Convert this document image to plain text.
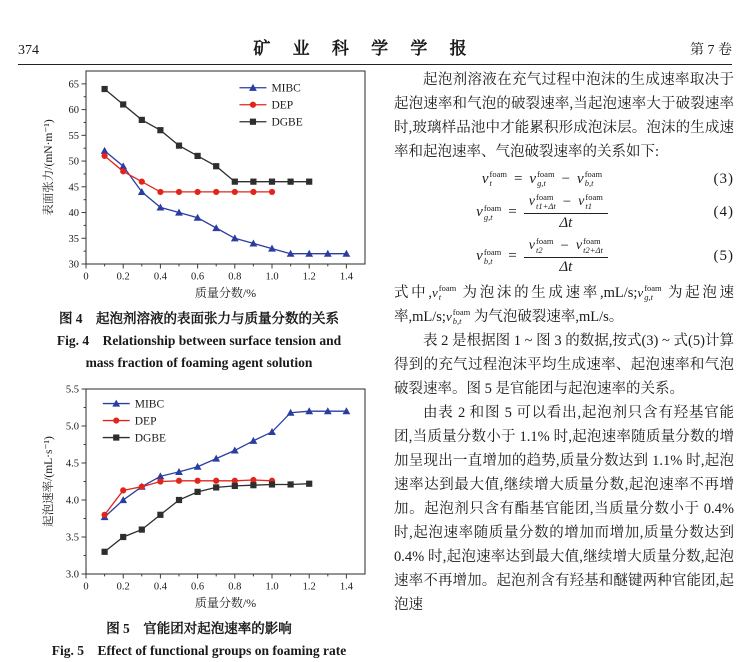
374	矿 业 科 学 学 报	第 7 卷
0	0.2 0.4 0.6 0.8 1.0 1.2 1.4
30
35
40
45
50
55
60
65
质量分数/%
表面张力/(mN·m⁻¹)
MIBC
DEP
DGBE
图 4　起泡剂溶液的表面张力与质量分数的关系
Fig. 4　Relationship between surface tension and
mass fraction of foaming agent solution
0	0.2 0.4 0.6 0.8 1.0 1.2 1.4
3.0
3.5
4.0
4.5
5.0
5.5
质量分数/%
起泡速率/(mL·s⁻¹)
MIBC
DEP
DGBE
图 5　官能团对起泡速率的影响
Fig. 5　Effect of functional groups on foaming rate

起泡剂溶液在充气过程中泡沫的生成速率取决于起泡速率和气泡的破裂速率,当起泡速率大于破裂速率时,玻璃样品池中才能累积形成泡沫层。泡沫的生成速率和起泡速率、气泡破裂速率的关系如下:

v foam
t	= v foam
g,t	− v foam
b,t	(3)
v foam
g,t	= v foam
t1+Δt − v foam
t1
Δt	(4)
v foam
b,t	= v foam
t2	− v foam
t2+Δt
Δt	(5)

式中, v foam
t	为泡沫的生成速率,mL/s; v foam
g,t 为起泡速率,mL/s; v foam
b,t 为气泡破裂速率,mL/s。

表 2 是根据图 1 ~ 图 3 的数据,按式(3) ~ 式(5)计算得到的充气过程泡沫平均生成速率、起泡速率和气泡破裂速率。图 5 是官能团与起泡速率的关系。

由表 2 和图 5 可以看出,起泡剂只含有羟基官能团,当质量分数小于 1.1% 时,起泡速率随质量分数的增加呈现出一直增加的趋势,质量分数达到 1.1% 时,起泡速率达到最大值,继续增大质量分数,起泡速率不再增加。起泡剂只含有酯基官能团,当质量分数小于 0.4% 时,起泡速率随质量分数的增加而增加,质量分数达到 0.4% 时,起泡速率达到最大值,继续增大质量分数,起泡速率不再增加。起泡剂含有羟基和醚键两种官能团,起泡速
